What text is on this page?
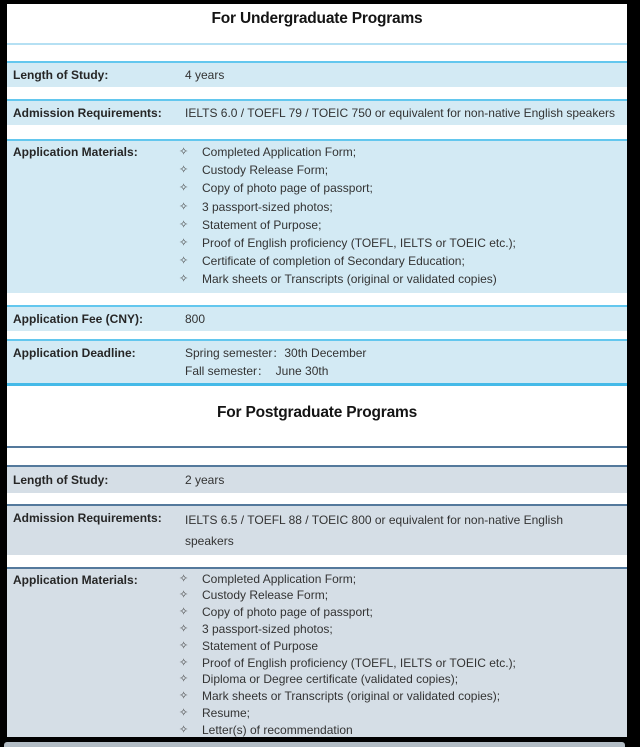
For Undergraduate Programs
Length of Study:	4 years
Admission Requirements:	IELTS 6.0 / TOEFL 79 / TOEIC 750 or equivalent for non-native English speakers
Application Materials:	✧	Completed Application Form;
✧	Custody Release Form;
✧	Copy of photo page of passport;
✧	3 passport-sized photos;
✧	Statement of Purpose;
✧	Proof of English proficiency (TOEFL, IELTS or TOEIC etc.);
✧	Certificate of completion of Secondary Education;
✧	Mark sheets or Transcripts (original or validated copies)
Application Fee (CNY):	800
Application Deadline:	Spring semester：30th December
Fall semester：  June 30th
For Postgraduate Programs
Length of Study:	2 years
Admission Requirements:	IELTS 6.5 / TOEFL 88 / TOEIC 800 or equivalent for non-native English speakers
Application Materials:	✧	Completed Application Form;
✧	Custody Release Form;
✧	Copy of photo page of passport;
✧	3 passport-sized photos;
✧	Statement of Purpose
✧	Proof of English proficiency (TOEFL, IELTS or TOEIC etc.);
✧	Diploma or Degree certificate (validated copies);
✧	Mark sheets or Transcripts (original or validated copies);
✧	Resume;
✧	Letter(s) of recommendation
